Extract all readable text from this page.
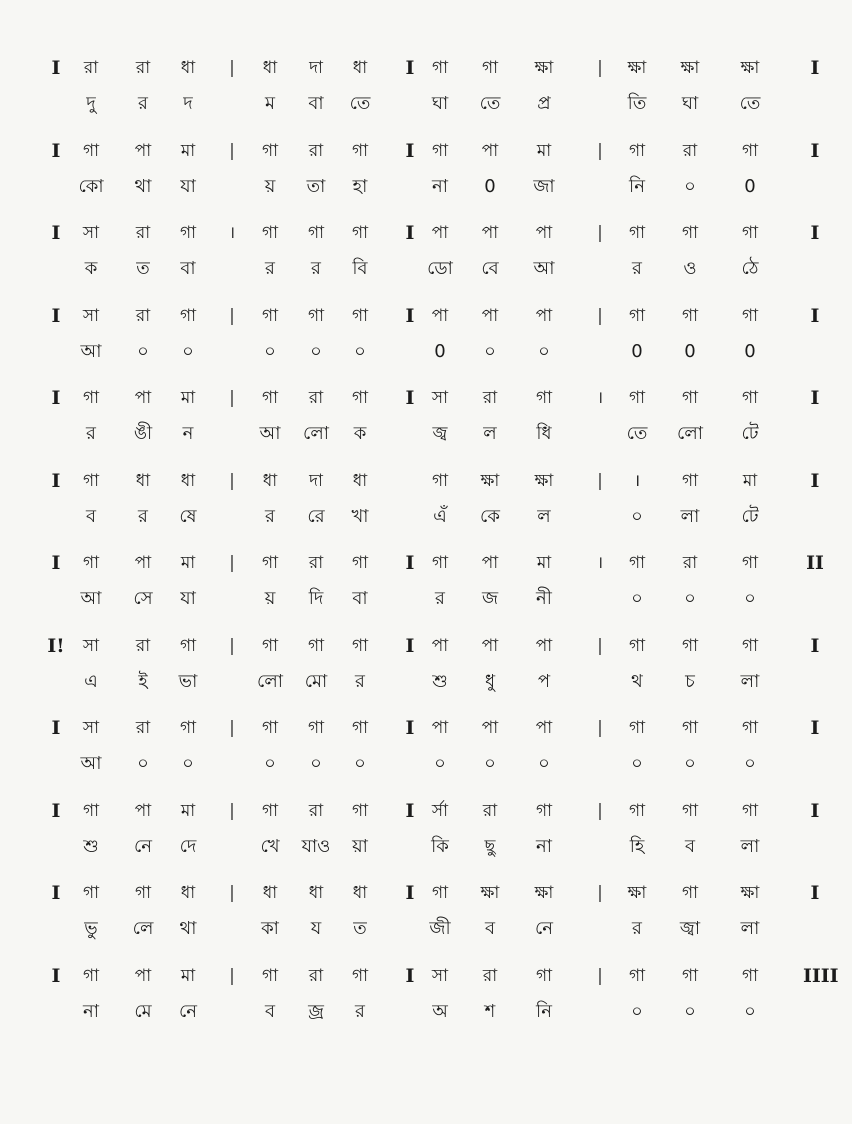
I	|	I	|	I
রা	রা	ধা	ধা	দা	ধা	গা	গা	ক্ষা	ক্ষা	ক্ষা	ক্ষা
দু	র	দ	ম	বা	তে	ঘা	তে	প্র	তি	ঘা	তে
I	|	I	|	I
গা	পা	মা	গা	রা	গা	গা	পা	মা	গা	রা	গা
কো	থা	যা	য়	তা	হা	না	0	জা	নি	০	0
I	।	I	|	I
সা	রা	গা	গা	গা	গা	পা	পা	পা	গা	গা	গা
ক	ত	বা	র	র	বি	ডো	বে	আ	র	ও	ঠে
I	|	I	|	I
সা	রা	গা	গা	গা	গা	পা	পা	পা	গা	গা	গা
আ	০	০	০	০	০	0	০	০	0	0	0
I	|	I	।	I
গা	পা	মা	গা	রা	গা	সা	রা	গা	গা	গা	গা
র	ঙী	ন	আ	লো	ক	জ্ব	ল	ধি	তে	লো	টে
I	|	|	I
গা	ধা	ধা	ধা	দা	ধা	গা	ক্ষা	ক্ষা	।	গা	মা
ব	র	ষে	র	রে	খা	এঁ	কে	ল	০	লা	টে
I	|	I	।	II
গা	পা	মা	গা	রা	গা	গা	পা	মা	গা	রা	গা
আ	সে	যা	য়	দি	বা	র	জ	নী	০	০	০
I!	|	I	|	I
সা	রা	গা	গা	গা	গা	পা	পা	পা	গা	গা	গা
এ	ই	ভা	লো	মো	র	শু	ধু	প	থ	চ	লা
I	|	I	|	I
সা	রা	গা	গা	গা	গা	পা	পা	পা	গা	গা	গা
আ	০	০	০	০	০	০	০	০	০	০	০
I	|	I	|	I
গা	পা	মা	গা	রা	গা	র্সা	রা	গা	গা	গা	গা
শু	নে	দে	খে	যাও	য়া	কি	ছু	না	হি	ব	লা
I	|	I	|	I
গা	গা	ধা	ধা	ধা	ধা	গা	ক্ষা	ক্ষা	ক্ষা	গা	ক্ষা
ভু	লে	থা	কা	য	ত	জী	ব	নে	র	জ্বা	লা
I	|	I	|	IIII
গা	পা	মা	গা	রা	গা	সা	রা	গা	গা	গা	গা
না	মে	নে	ব	জ্র	র	অ	শ	নি	০	০	০
